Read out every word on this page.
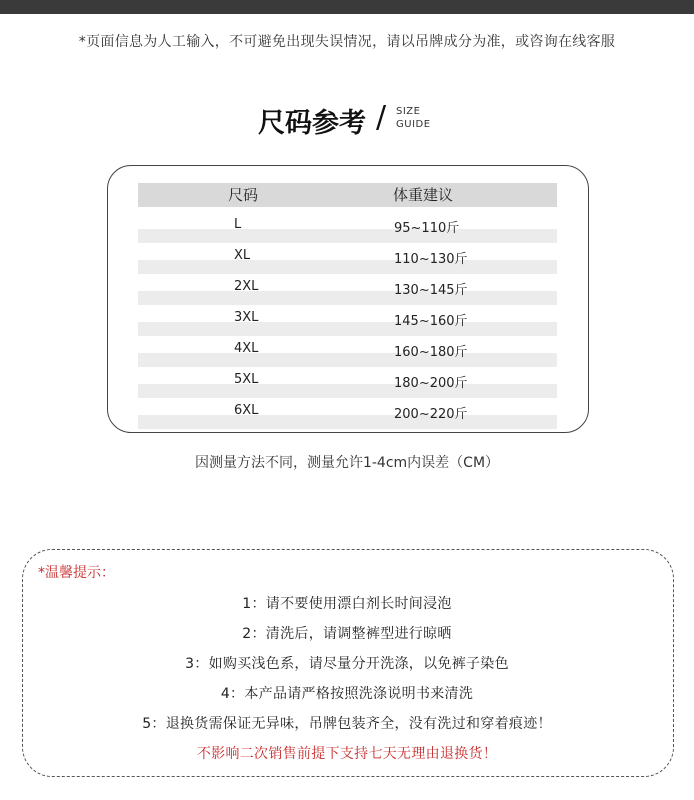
*页面信息为人工输入，不可避免出现失误情况，请以吊牌成分为准，或咨询在线客服
尺码参考 / SIZE
GUIDE
尺码	体重建议
L	95~110斤
XL	110~130斤
2XL	130~145斤
3XL	145~160斤
4XL	160~180斤
5XL	180~200斤
6XL	200~220斤
因测量方法不同，测量允许1-4cm内误差（CM）
*温馨提示：
1：请不要使用漂白剂长时间浸泡
2：清洗后，请调整裤型进行晾晒
3：如购买浅色系，请尽量分开洗涤，以免裤子染色
4：本产品请严格按照洗涤说明书来清洗
5：退换货需保证无异味，吊牌包装齐全，没有洗过和穿着痕迹！
不影响二次销售前提下支持七天无理由退换货！
